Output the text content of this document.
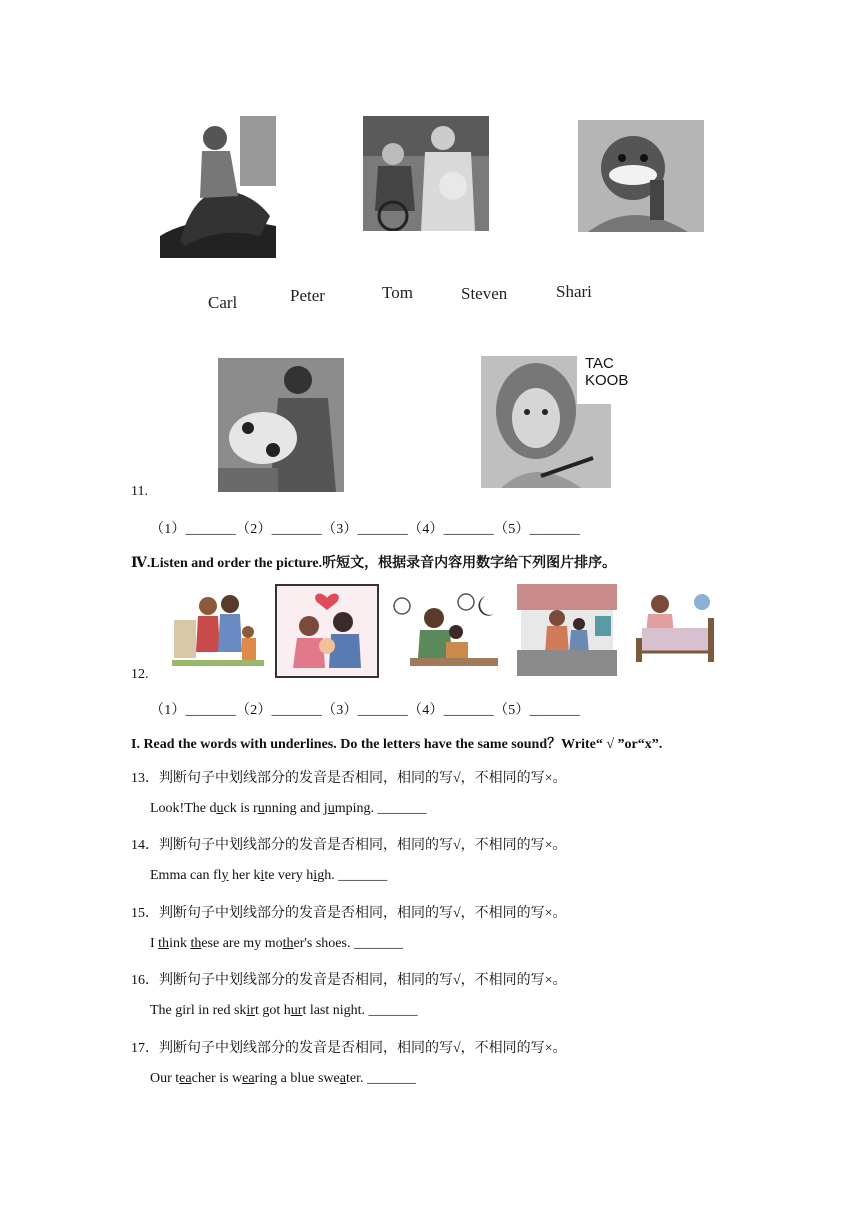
Carl	Peter	Tom	Steven	Shari
TAC
KOOB
11.
（1）_______（2）_______（3）_______（4）_______（5）_______
Ⅳ.Listen and order the picture.听短文，根据录音内容用数字给下列图片排序。
12.
（1）_______（2）_______（3）_______（4）_______（5）_______
I. Read the words with underlines. Do the letters have the same sound？Write“ √ ”or“x”.
13．判断句子中划线部分的发音是否相同，相同的写√，不相同的写×。
Look!The duck is running and jumping. _______
14．判断句子中划线部分的发音是否相同，相同的写√，不相同的写×。
Emma can fly her kite very high. _______
15．判断句子中划线部分的发音是否相同，相同的写√，不相同的写×。
I think these are my mother's shoes. _______
16．判断句子中划线部分的发音是否相同，相同的写√，不相同的写×。
The girl in red skirt got hurt last night. _______
17．判断句子中划线部分的发音是否相同，相同的写√，不相同的写×。
Our teacher is wearing a blue sweater. _______
